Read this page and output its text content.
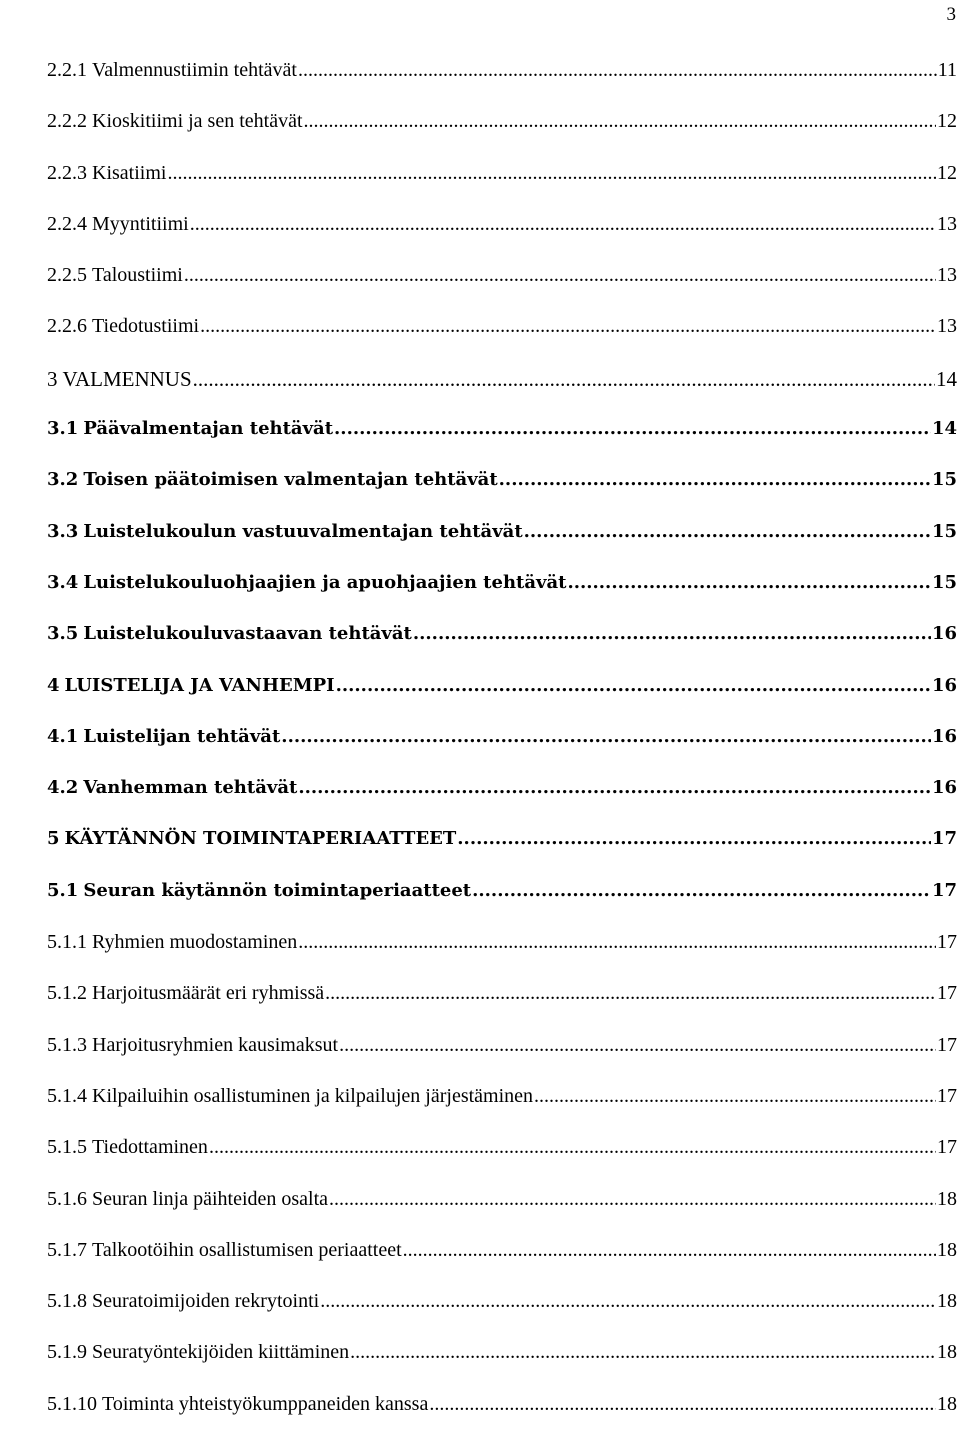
3
2.2.1 Valmennustiimin tehtävät .....	11
2.2.2 Kioskitiimi ja sen tehtävät .....	12
2.2.3 Kisatiimi .....	12
2.2.4 Myyntitiimi .....	13
2.2.5 Taloustiimi .....	13
2.2.6 Tiedotustiimi .....	13
3 VALMENNUS .....	14
3.1 Päävalmentajan tehtävät .....	14
3.2 Toisen päätoimisen valmentajan tehtävät .....	15
3.3 Luistelukoulun vastuuvalmentajan tehtävät .....	15
3.4 Luistelukouluohjaajien ja apuohjaajien tehtävät .....	15
3.5 Luistelukouluvastaavan tehtävät .....	16
4 LUISTELIJA JA VANHEMPI .....	16
4.1 Luistelijan tehtävät .....	16
4.2 Vanhemman tehtävät .....	16
5 KÄYTÄNNÖN TOIMINTAPERIAATTEET .....	17
5.1 Seuran käytännön toimintaperiaatteet .....	17
5.1.1 Ryhmien muodostaminen .....	17
5.1.2 Harjoitusmäärät eri ryhmissä .....	17
5.1.3 Harjoitusryhmien kausimaksut .....	17
5.1.4 Kilpailuihin osallistuminen ja kilpailujen järjestäminen .....	17
5.1.5 Tiedottaminen .....	17
5.1.6 Seuran linja päihteiden osalta .....	18
5.1.7 Talkootöihin osallistumisen periaatteet .....	18
5.1.8 Seuratoimijoiden rekrytointi .....	18
5.1.9 Seuratyöntekijöiden kiittäminen .....	18
5.1.10 Toiminta yhteistyökumppaneiden kanssa .....	18
